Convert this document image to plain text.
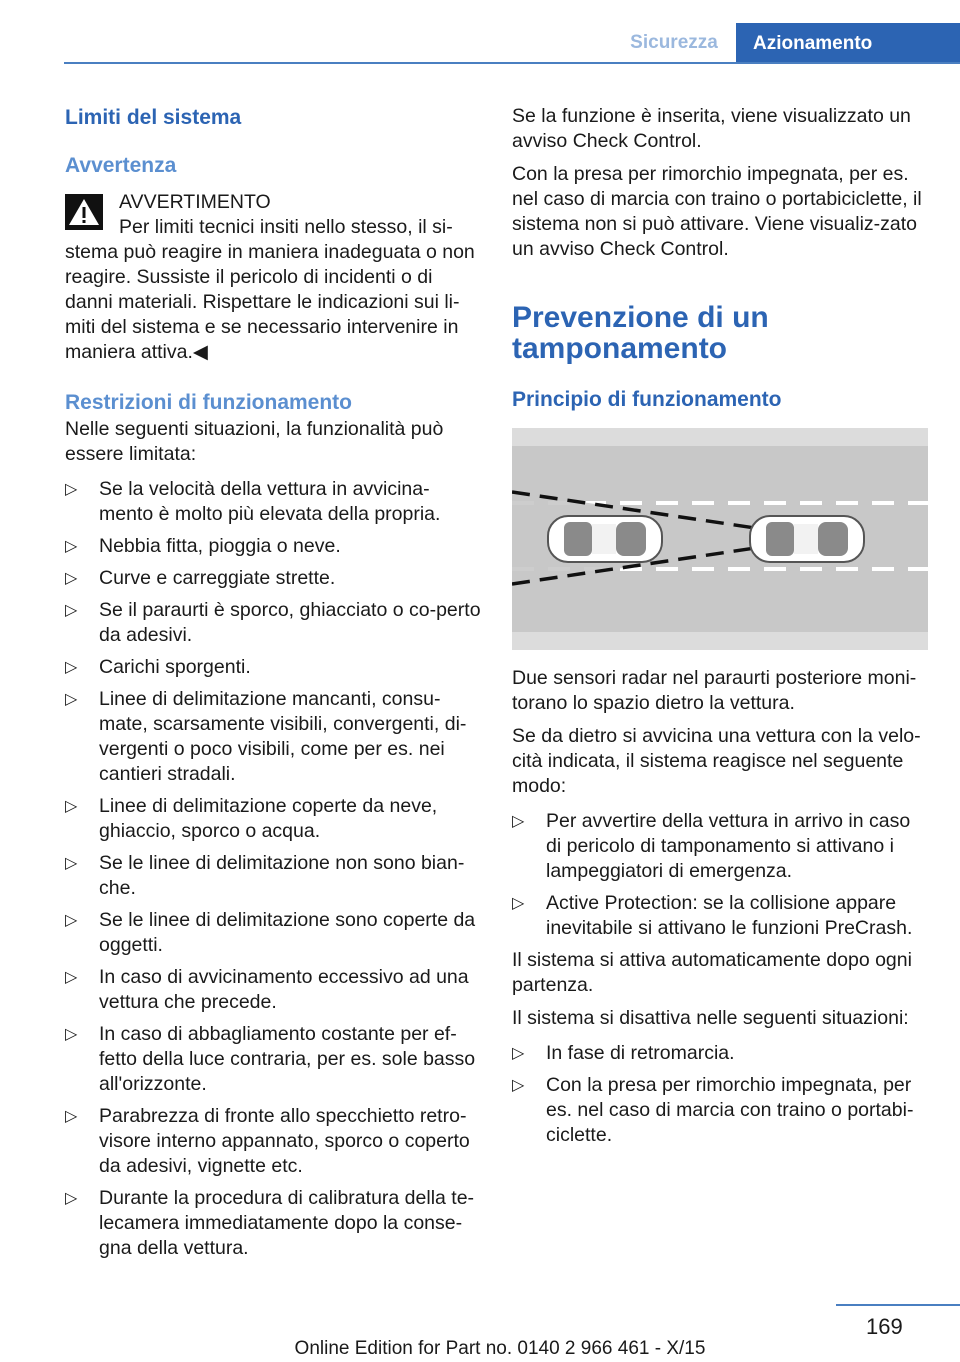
Sicurezza	Azionamento
Limiti del sistema
Avvertenza
AVVERTIMENTO

Per limiti tecnici insiti nello stesso, il si-stema può reagire in maniera inadeguata o non reagire. Sussiste il pericolo di incidenti o di danni materiali. Rispettare le indicazioni sui li-miti del sistema e se necessario intervenire in maniera attiva.◀

Restrizioni di funzionamento

Nelle seguenti situazioni, la funzionalità può essere limitata:

▷ Se la velocità della vettura in avvicina-mento è molto più elevata della propria.
▷ Nebbia fitta, pioggia o neve.
▷ Curve e carreggiate strette.
▷ Se il paraurti è sporco, ghiacciato o co-perto da adesivi.
▷ Carichi sporgenti.
▷ Linee di delimitazione mancanti, consu-mate, scarsamente visibili, convergenti, di-vergenti o poco visibili, come per es. nei cantieri stradali.
▷ Linee di delimitazione coperte da neve, ghiaccio, sporco o acqua.
▷ Se le linee di delimitazione non sono bian-che.
▷ Se le linee di delimitazione sono coperte da oggetti.
▷ In caso di avvicinamento eccessivo ad una vettura che precede.
▷ In caso di abbagliamento costante per ef-fetto della luce contraria, per es. sole basso all'orizzonte.
▷ Parabrezza di fronte allo specchietto retro-visore interno appannato, sporco o coperto da adesivi, vignette etc.
▷ Durante la procedura di calibratura della te-lecamera immediatamente dopo la conse-gna della vettura.

Se la funzione è inserita, viene visualizzato un avviso Check Control.

Con la presa per rimorchio impegnata, per es. nel caso di marcia con traino o portabiciclette, il sistema non si può attivare. Viene visualiz-zato un avviso Check Control.

Prevenzione di un tamponamento
Principio di funzionamento

Due sensori radar nel paraurti posteriore moni-torano lo spazio dietro la vettura.

Se da dietro si avvicina una vettura con la velo-cità indicata, il sistema reagisce nel seguente modo:

▷ Per avvertire della vettura in arrivo in caso di pericolo di tamponamento si attivano i lampeggiatori di emergenza.
▷ Active Protection: se la collisione appare inevitabile si attivano le funzioni PreCrash.

Il sistema si attiva automaticamente dopo ogni partenza.

Il sistema si disattiva nelle seguenti situazioni:

▷ In fase di retromarcia.
▷ Con la presa per rimorchio impegnata, per es. nel caso di marcia con traino o portabi-ciclette.
169
Online Edition for Part no. 0140 2 966 461 - X/15
